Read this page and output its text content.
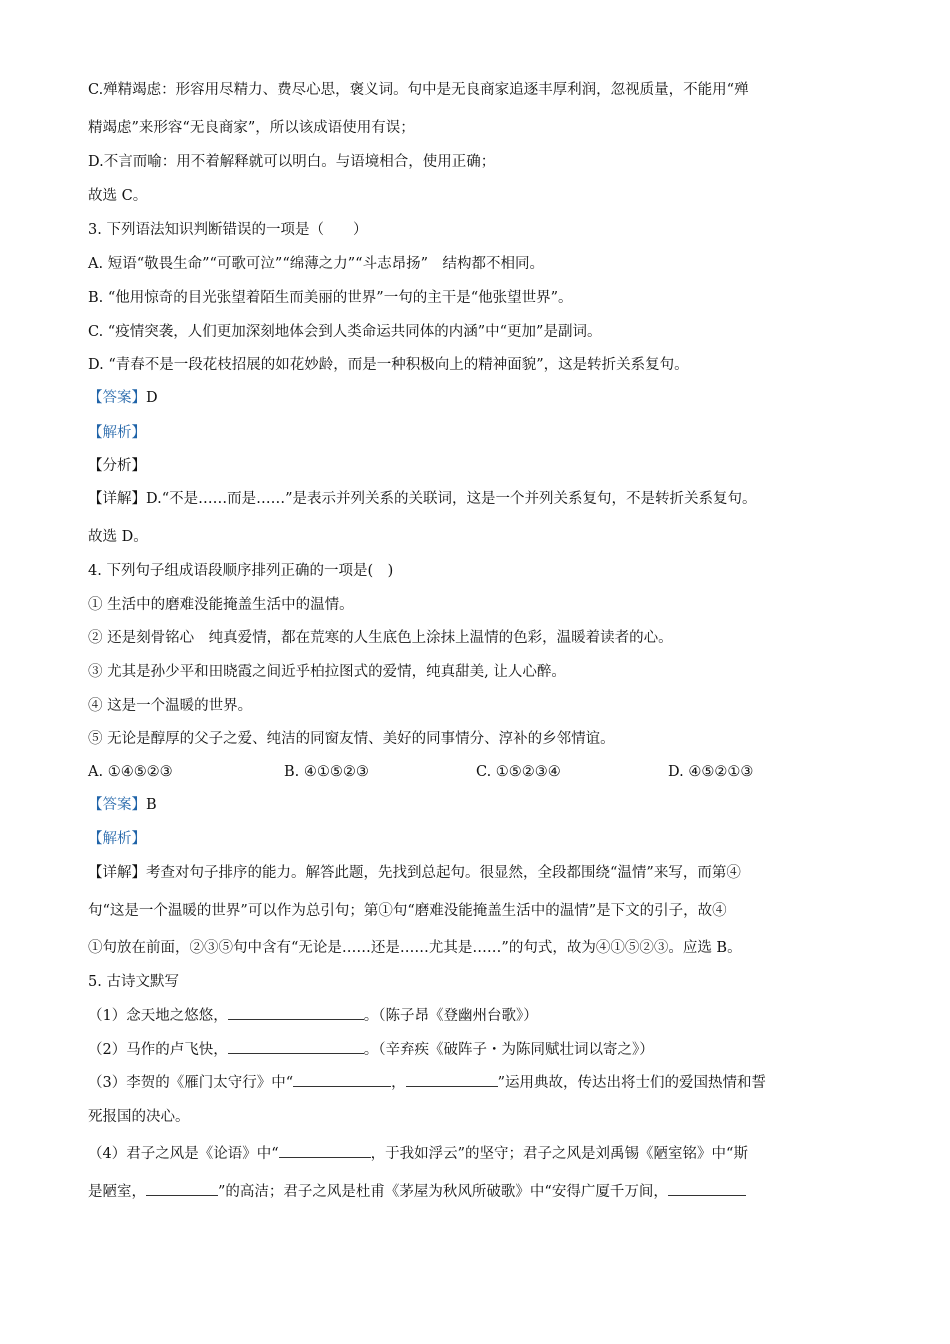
C.殚精竭虑：形容用尽精力、费尽心思，褒义词。句中是无良商家追逐丰厚利润，忽视质量，不能用“殚
精竭虑”来形容“无良商家”，所以该成语使用有误；
D.不言而喻：用不着解释就可以明白。与语境相合，使用正确；
故选 C。
3. 下列语法知识判断错误的一项是（　　）
A. 短语“敬畏生命”“可歌可泣”“绵薄之力”“斗志昂扬”　结构都不相同。
B. “他用惊奇的目光张望着陌生而美丽的世界”一句的主干是“他张望世界”。
C. “疫情突袭，人们更加深刻地体会到人类命运共同体的内涵”中“更加”是副词。
D. “青春不是一段花枝招展的如花妙龄，而是一种积极向上的精神面貌”，这是转折关系复句。
【答案】D
【解析】
【分析】
【详解】D.“不是……而是……”是表示并列关系的关联词，这是一个并列关系复句，不是转折关系复句。
故选 D。
4. 下列句子组成语段顺序排列正确的一项是(　)
① 生活中的磨难没能掩盖生活中的温情。
② 还是刻骨铭心　纯真爱情，都在荒寒的人生底色上涂抹上温情的色彩，温暖着读者的心。
③ 尤其是孙少平和田晓霞之间近乎柏拉图式的爱情，纯真甜美, 让人心醉。
④ 这是一个温暖的世界。
⑤ 无论是醇厚的父子之爱、纯洁的同窗友情、美好的同事情分、淳补的乡邻情谊。
A. ①④⑤②③	B. ④①⑤②③	C. ①⑤②③④	D. ④⑤②①③
【答案】B
【解析】
【详解】考查对句子排序的能力。解答此题，先找到总起句。很显然，全段都围绕“温情”来写，而第④
句“这是一个温暖的世界”可以作为总引句；第①句“磨难没能掩盖生活中的温情”是下文的引子，故④
①句放在前面，②③⑤句中含有“无论是……还是……尤其是……”的句式，故为④①⑤②③。应选 B。
5. 古诗文默写
（1）念天地之悠悠，	。（陈子昂《登幽州台歌》）
（2）马作的卢飞快，	。（辛弃疾《破阵子・为陈同赋壮词以寄之》）
（3）李贺的《雁门太守行》中“	，	”运用典故，传达出将士们的爱国热情和誓
死报国的决心。
（4）君子之风是《论语》中“	，于我如浮云”的坚守；君子之风是刘禹锡《陋室铭》中“斯
是陋室，	”的高洁；君子之风是杜甫《茅屋为秋风所破歌》中“安得广厦千万间，
